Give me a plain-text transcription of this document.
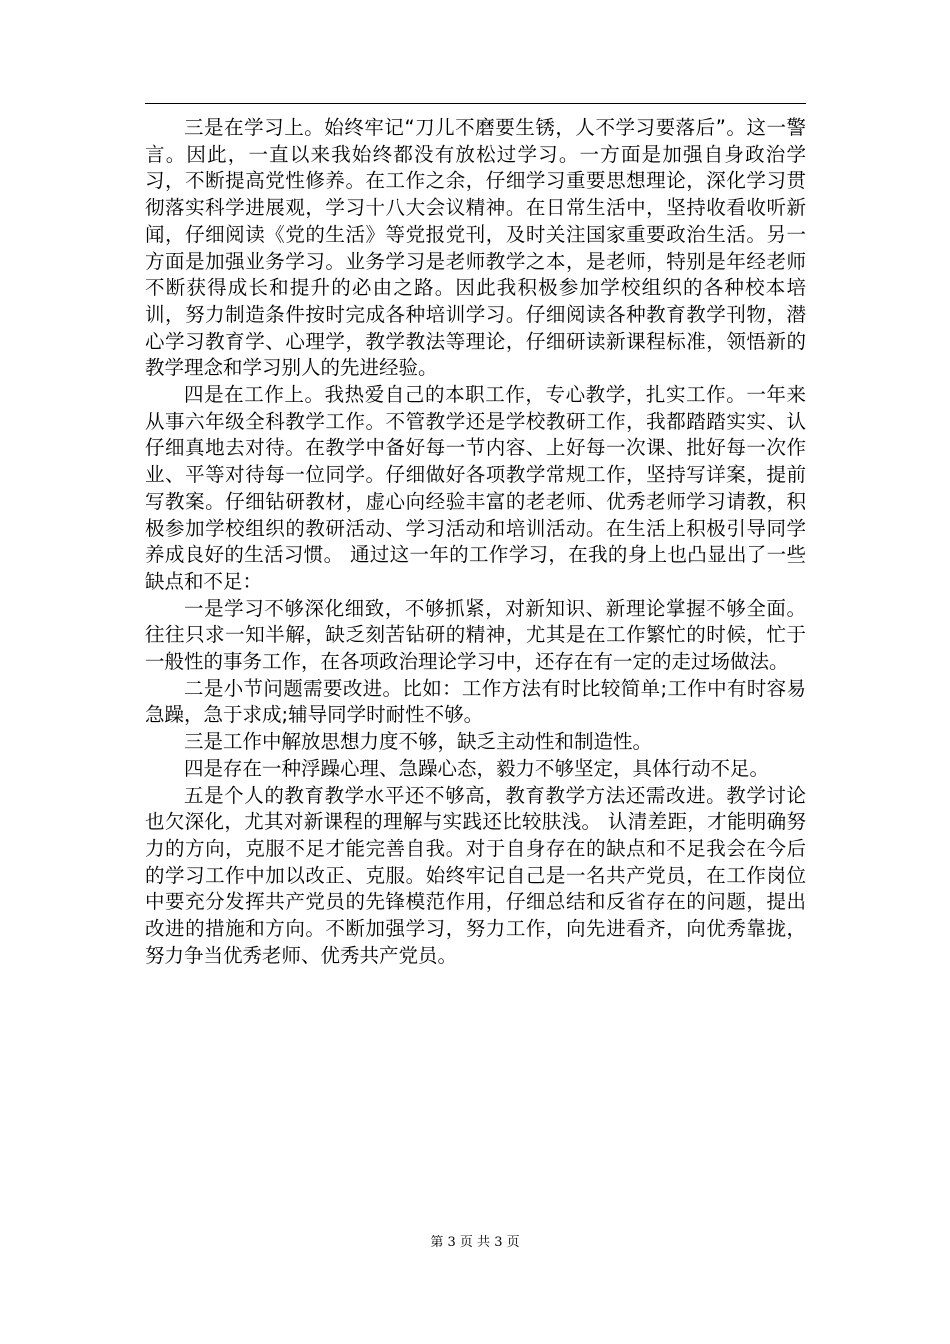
三是在学习上。始终牢记“刀儿不磨要生锈，人不学习要落后”。这一警言。因此，一直以来我始终都没有放松过学习。一方面是加强自身政治学习，不断提高党性修养。在工作之余，仔细学习重要思想理论，深化学习贯彻落实科学进展观，学习十八大会议精神。在日常生活中，坚持收看收听新闻，仔细阅读《党的生活》等党报党刊，及时关注国家重要政治生活。另一方面是加强业务学习。业务学习是老师教学之本，是老师，特别是年经老师不断获得成长和提升的必由之路。因此我积极参加学校组织的各种校本培训，努力制造条件按时完成各种培训学习。仔细阅读各种教育教学刊物，潜心学习教育学、心理学，教学教法等理论，仔细研读新课程标准，领悟新的教学理念和学习别人的先进经验。

四是在工作上。我热爱自己的本职工作，专心教学，扎实工作。一年来从事六年级全科教学工作。不管教学还是学校教研工作，我都踏踏实实、认仔细真地去对待。在教学中备好每一节内容、上好每一次课、批好每一次作业、平等对待每一位同学。仔细做好各项教学常规工作，坚持写详案，提前写教案。仔细钻研教材，虚心向经验丰富的老老师、优秀老师学习请教，积极参加学校组织的教研活动、学习活动和培训活动。在生活上积极引导同学养成良好的生活习惯。 通过这一年的工作学习，在我的身上也凸显出了一些缺点和不足：

一是学习不够深化细致，不够抓紧，对新知识、新理论掌握不够全面。往往只求一知半解，缺乏刻苦钻研的精神，尤其是在工作繁忙的时候，忙于一般性的事务工作，在各项政治理论学习中，还存在有一定的走过场做法。

二是小节问题需要改进。比如：工作方法有时比较简单;工作中有时容易急躁，急于求成;辅导同学时耐性不够。

三是工作中解放思想力度不够，缺乏主动性和制造性。

四是存在一种浮躁心理、急躁心态，毅力不够坚定，具体行动不足。

五是个人的教育教学水平还不够高，教育教学方法还需改进。教学讨论也欠深化，尤其对新课程的理解与实践还比较肤浅。 认清差距，才能明确努力的方向，克服不足才能完善自我。对于自身存在的缺点和不足我会在今后的学习工作中加以改正、克服。始终牢记自己是一名共产党员，在工作岗位中要充分发挥共产党员的先锋模范作用，仔细总结和反省存在的问题，提出改进的措施和方向。不断加强学习，努力工作，向先进看齐，向优秀靠拢，努力争当优秀老师、优秀共产党员。

第 3 页 共 3 页
